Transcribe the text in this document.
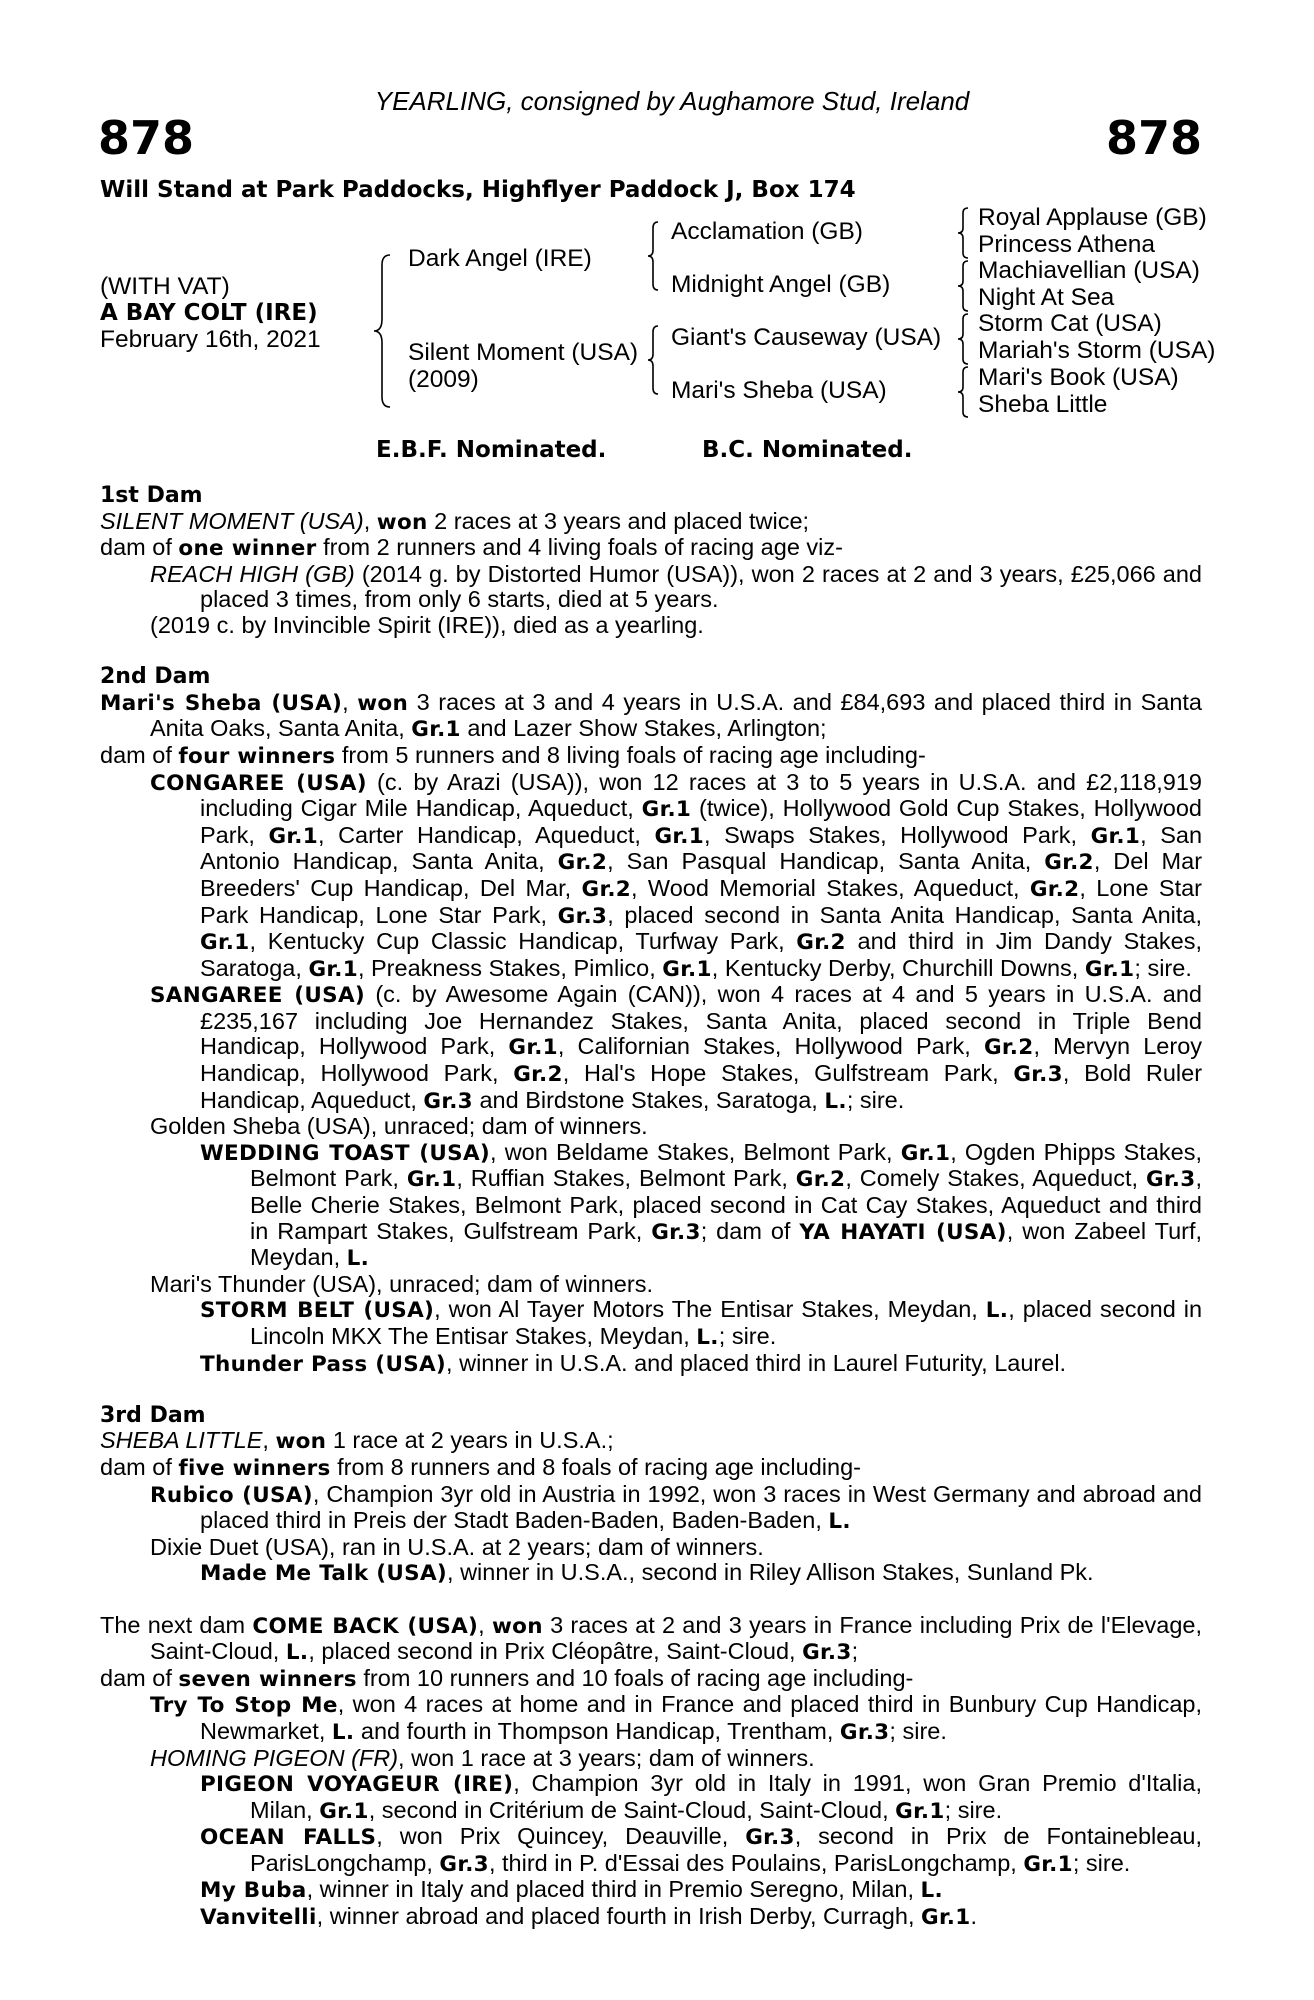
YEARLING, consigned by Aughamore Stud, Ireland
878	878
Will Stand at Park Paddocks, Highflyer Paddock J, Box 174
(WITH VAT)
A BAY COLT (IRE)
February 16th, 2021
Dark Angel (IRE)
Silent Moment (USA)
(2009)
Acclamation (GB)
Midnight Angel (GB)
Giant's Causeway (USA)
Mari's Sheba (USA)
Royal Applause (GB)
Princess Athena
Machiavellian (USA)
Night At Sea
Storm Cat (USA)
Mariah's Storm (USA)
Mari's Book (USA)
Sheba Little
E.B.F. Nominated.	B.C. Nominated.

1st Dam

SILENT MOMENT (USA), won 2 races at 3 years and placed twice;

dam of one winner from 2 runners and 4 living foals of racing age viz-

REACH HIGH (GB) (2014 g. by Distorted Humor (USA)), won 2 races at 2 and 3 years, £25,066 and placed 3 times, from only 6 starts, died at 5 years.

(2019 c. by Invincible Spirit (IRE)), died as a yearling.

2nd Dam

Mari's Sheba (USA), won 3 races at 3 and 4 years in U.S.A. and £84,693 and placed third in Santa Anita Oaks, Santa Anita, Gr.1 and Lazer Show Stakes, Arlington;

dam of four winners from 5 runners and 8 living foals of racing age including-

CONGAREE (USA) (c. by Arazi (USA)), won 12 races at 3 to 5 years in U.S.A. and £2,118,919 including Cigar Mile Handicap, Aqueduct, Gr.1 (twice), Hollywood Gold Cup Stakes, Hollywood Park, Gr.1, Carter Handicap, Aqueduct, Gr.1, Swaps Stakes, Hollywood Park, Gr.1, San Antonio Handicap, Santa Anita, Gr.2, San Pasqual Handicap, Santa Anita, Gr.2, Del Mar Breeders' Cup Handicap, Del Mar, Gr.2, Wood Memorial Stakes, Aqueduct, Gr.2, Lone Star Park Handicap, Lone Star Park, Gr.3, placed second in Santa Anita Handicap, Santa Anita, Gr.1, Kentucky Cup Classic Handicap, Turfway Park, Gr.2 and third in Jim Dandy Stakes, Saratoga, Gr.1, Preakness Stakes, Pimlico, Gr.1, Kentucky Derby, Churchill Downs, Gr.1; sire.

SANGAREE (USA) (c. by Awesome Again (CAN)), won 4 races at 4 and 5 years in U.S.A. and £235,167 including Joe Hernandez Stakes, Santa Anita, placed second in Triple Bend Handicap, Hollywood Park, Gr.1, Californian Stakes, Hollywood Park, Gr.2, Mervyn Leroy Handicap, Hollywood Park, Gr.2, Hal's Hope Stakes, Gulfstream Park, Gr.3, Bold Ruler Handicap, Aqueduct, Gr.3 and Birdstone Stakes, Saratoga, L.; sire.

Golden Sheba (USA), unraced; dam of winners.

WEDDING TOAST (USA), won Beldame Stakes, Belmont Park, Gr.1, Ogden Phipps Stakes, Belmont Park, Gr.1, Ruffian Stakes, Belmont Park, Gr.2, Comely Stakes, Aqueduct, Gr.3, Belle Cherie Stakes, Belmont Park, placed second in Cat Cay Stakes, Aqueduct and third in Rampart Stakes, Gulfstream Park, Gr.3; dam of YA HAYATI (USA), won Zabeel Turf, Meydan, L.

Mari's Thunder (USA), unraced; dam of winners.

STORM BELT (USA), won Al Tayer Motors The Entisar Stakes, Meydan, L., placed second in Lincoln MKX The Entisar Stakes, Meydan, L.; sire.

Thunder Pass (USA), winner in U.S.A. and placed third in Laurel Futurity, Laurel.

3rd Dam

SHEBA LITTLE, won 1 race at 2 years in U.S.A.;

dam of five winners from 8 runners and 8 foals of racing age including-

Rubico (USA), Champion 3yr old in Austria in 1992, won 3 races in West Germany and abroad and placed third in Preis der Stadt Baden-Baden, Baden-Baden, L.

Dixie Duet (USA), ran in U.S.A. at 2 years; dam of winners.

Made Me Talk (USA), winner in U.S.A., second in Riley Allison Stakes, Sunland Pk.

The next dam COME BACK (USA), won 3 races at 2 and 3 years in France including Prix de l'Elevage, Saint-Cloud, L., placed second in Prix Cléopâtre, Saint-Cloud, Gr.3;

dam of seven winners from 10 runners and 10 foals of racing age including-

Try To Stop Me, won 4 races at home and in France and placed third in Bunbury Cup Handicap, Newmarket, L. and fourth in Thompson Handicap, Trentham, Gr.3; sire.

HOMING PIGEON (FR), won 1 race at 3 years; dam of winners.

PIGEON VOYAGEUR (IRE), Champion 3yr old in Italy in 1991, won Gran Premio d'Italia, Milan, Gr.1, second in Critérium de Saint-Cloud, Saint-Cloud, Gr.1; sire.

OCEAN FALLS, won Prix Quincey, Deauville, Gr.3, second in Prix de Fontainebleau, ParisLongchamp, Gr.3, third in P. d'Essai des Poulains, ParisLongchamp, Gr.1; sire.

My Buba, winner in Italy and placed third in Premio Seregno, Milan, L.

Vanvitelli, winner abroad and placed fourth in Irish Derby, Curragh, Gr.1.
